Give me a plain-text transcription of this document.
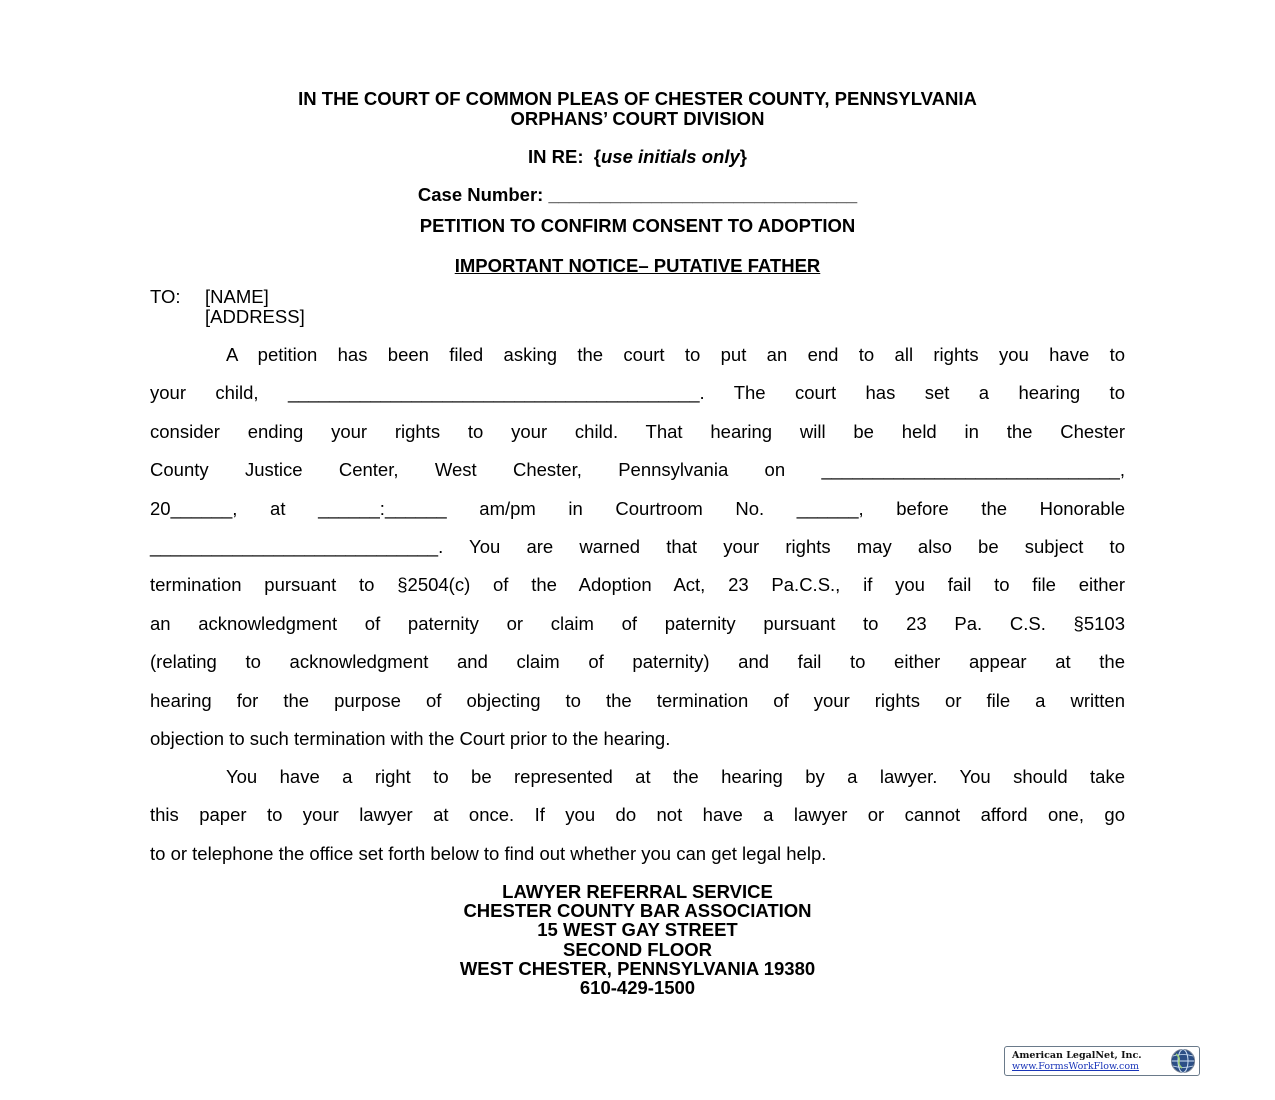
IN THE COURT OF COMMON PLEAS OF CHESTER COUNTY, PENNSYLVANIA
ORPHANS’ COURT DIVISION
IN RE: {use initials only}
Case Number: ______________________________
PETITION TO CONFIRM CONSENT TO ADOPTION
IMPORTANT NOTICE– PUTATIVE FATHER
TO:	[NAME]
[ADDRESS]
A petition has been filed asking the court to put an end to all rights you have to
your child, ________________________________________. The court has set a hearing to
consider ending your rights to your child. That hearing will be held in the Chester
County Justice Center, West Chester, Pennsylvania on _____________________________,
20______, at ______:______ am/pm in Courtroom No. ______, before the Honorable
____________________________. You are warned that your rights may also be subject to
termination pursuant to §2504(c) of the Adoption Act, 23 Pa.C.S., if you fail to file either
an acknowledgment of paternity or claim of paternity pursuant to 23 Pa. C.S. §5103
(relating to acknowledgment and claim of paternity) and fail to either appear at the
hearing for the purpose of objecting to the termination of your rights or file a written
objection to such termination with the Court prior to the hearing.
You have a right to be represented at the hearing by a lawyer. You should take
this paper to your lawyer at once. If you do not have a lawyer or cannot afford one, go
to or telephone the office set forth below to find out whether you can get legal help.
LAWYER REFERRAL SERVICE
CHESTER COUNTY BAR ASSOCIATION
15 WEST GAY STREET
SECOND FLOOR
WEST CHESTER, PENNSYLVANIA 19380
610-429-1500
American LegalNet, Inc.
www.FormsWorkFlow.com
